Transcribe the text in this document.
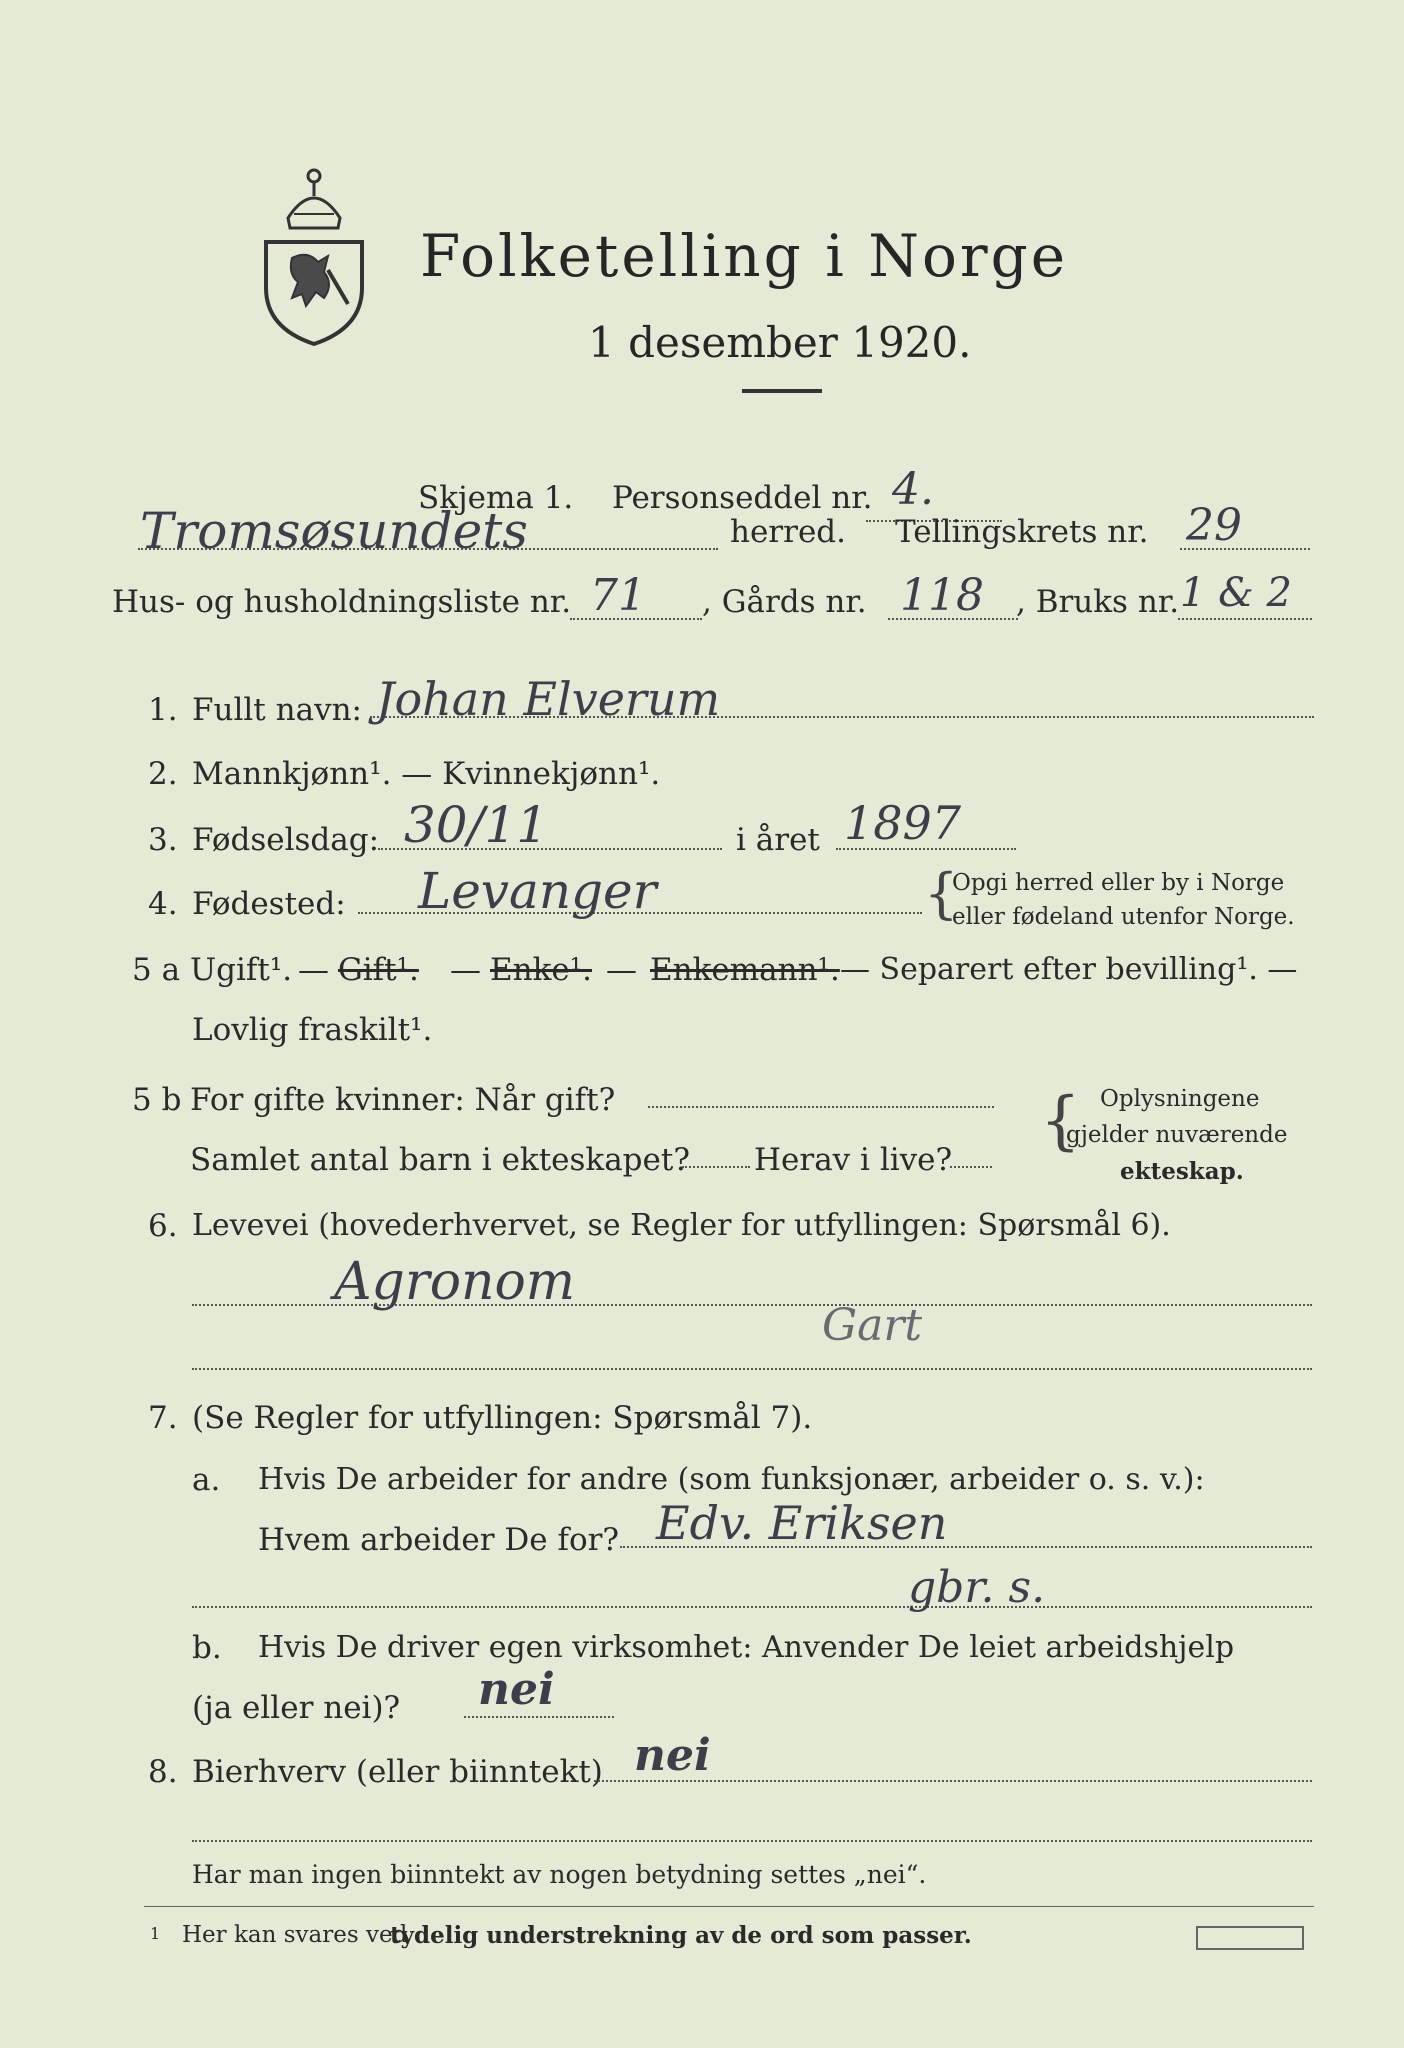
Folketelling i Norge
1 desember 1920.
Skjema 1. Personseddel nr. 4.
Tromsøsundets	herred. Tellingskrets nr. 29
Hus- og husholdningsliste nr. 71 , Gårds nr. 118 , Bruks nr. 1 & 2
1. Fullt navn: Johan Elverum
2. Mannkjønn¹. — Kvinnekjønn¹.
3. Fødselsdag: 30/11	i året 1897
4. Fødested: Levanger	{
Opgi herred eller by i Norge
eller fødeland utenfor Norge.
5 a Ugift¹. — Gift¹. — Enke¹. — Enkemann¹. — Separert efter bevilling¹. —
Lovlig fraskilt¹.
5 b For gifte kvinner: Når gift?
Samlet antal barn i ekteskapet? Herav i live?
{ Oplysningene
gjelder nuværende
ekteskap.
6. Levevei (hovederhvervet, se Regler for utfyllingen: Spørsmål 6).
Agronom
Gart
7. (Se Regler for utfyllingen: Spørsmål 7).
a. Hvis De arbeider for andre (som funksjonær, arbeider o. s. v.):
Hvem arbeider De for? Edv. Eriksen
gbr. s.
b. Hvis De driver egen virksomhet: Anvender De leiet arbeidshjelp
(ja eller nei)? nei
8. Bierhverv (eller biinntekt) nei
Har man ingen biinntekt av nogen betydning settes „nei“.
1 Her kan svares ved
tydelig understrekning av de ord som passer.
